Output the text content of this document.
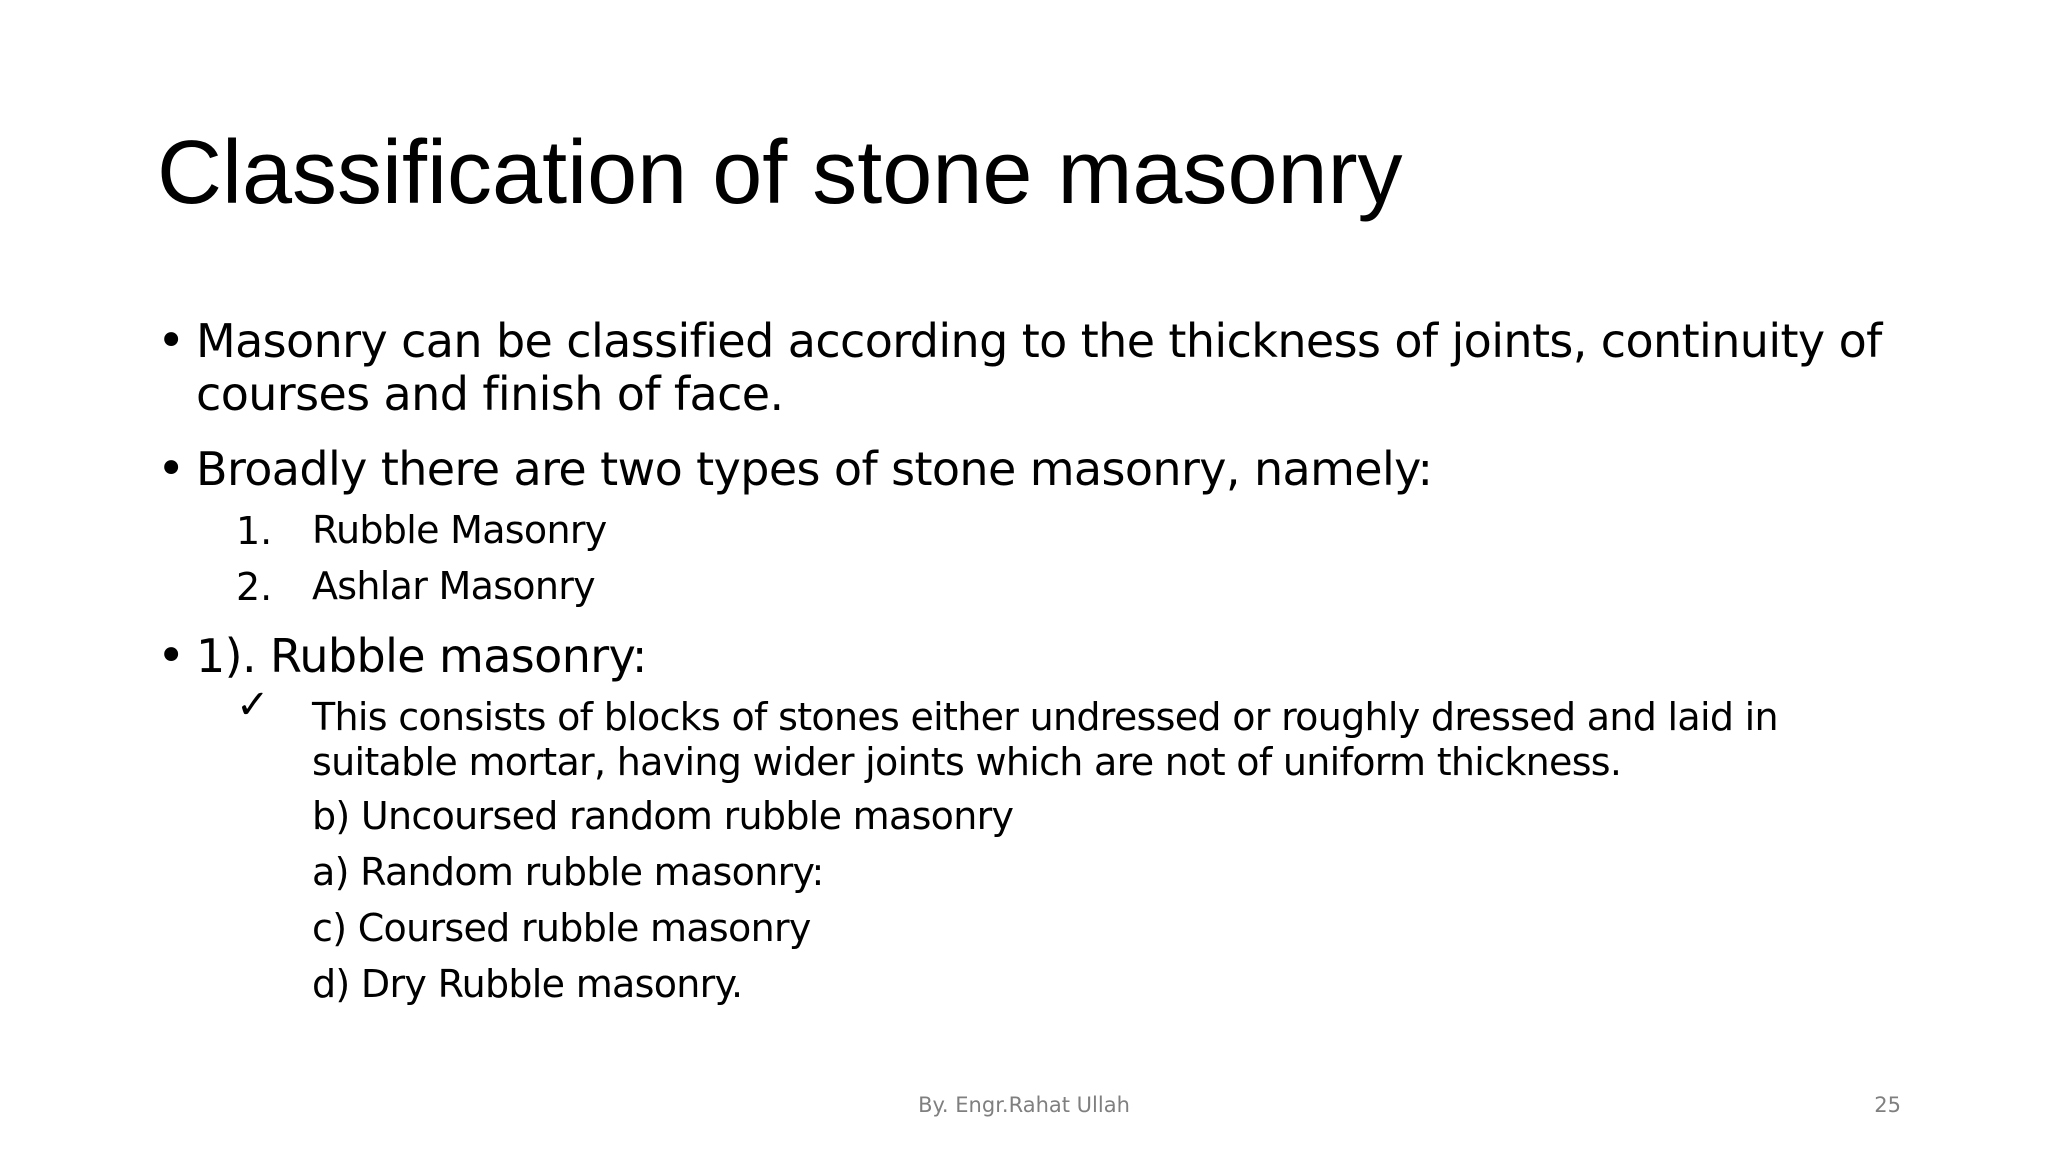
Classification of stone masonry
• Masonry can be classified according to the thickness of joints, continuity of
courses and finish of face.
• Broadly there are two types of stone masonry, namely:
1. Rubble Masonry
2. Ashlar Masonry
• 1). Rubble masonry:
✓ This consists of blocks of stones either undressed or roughly dressed and laid in
suitable mortar, having wider joints which are not of uniform thickness.
b) Uncoursed random rubble masonry
a) Random rubble masonry:
c) Coursed rubble masonry
d) Dry Rubble masonry.
By. Engr.Rahat Ullah	25
